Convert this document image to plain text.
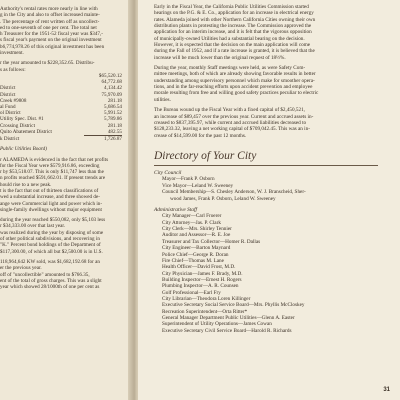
Authority's rental rates more nearly in line with
g in the City and also to offset increased mainte-
. The percentage of rent written off as uncollect-
ed to one-seventh of one per cent. The total net
h Treasurer for the 1951-52 fiscal year was $347,-
s fiscal year's payment on the original investment
b6,774,978.26 of this original investment has been
investment.
r the year amounted to $228,352.65. Distribu-
s as follows:
	$65,520.12
	64,772.68
District	4,134.42
District	75,970.09
Creek #9808	281.18
al Fund	5,686.54
ol District	5,991.52
Utility Spec. Dist. #1	5,789.86
Crossing District	281.18
Quito Abatement District	482.55
k District	1,726.87
Public Utilities Board)
r ALAMEDA is evidenced in the fact that net profits
for the Fiscal Year were $579,916.86, exceeding
r by $53,518.07. This is only $11,747 less than the
n profits reached $591,662.01. If present trends are
hould rise to a new peak.
t is the fact that out of thirteen classifications of
wed a substantial increase, and three showed de-
ange were Commercial light and power which in-
single-family dwellings without major equipment
during the year reached $550,082, only $5,103 less
r $34,333.00 over that last year.
was realized during the year by disposing of some
of other political subdivisions, and recovering in
"K." Percent bond holdings of the Department of
$117,300.00, of which all but $2,500.00 is in U.S.
118,964,642 KW sold, was $1,682,192.68 for an
er the previous year.
off of "uncollectible" amounted to $766.35,
ent of the total of gross charges. This was a slight
year which showed 28/1000th of one per cent as
Early in the Fiscal Year, the California Public Utilities Commission started
hearings on the P.G. & E. Co., application for an increase in electrical energy
rates. Alameda joined with other Northern California Cities owning their own
distribution plants in protesting the increase. The Commission approved the
application for an interim increase, and it is felt that the vigorous opposition
of municipally-owned Utilities had a substantial bearing on the decision.
However, it is expected that the decision on the main application will come
during the Fall of 1952, and if a rate increase is granted, it is believed that the
increase will be much lower than the original request of 18½%.
During the year, monthly Staff meetings were held, as were Safety Com-
mittee meetings, both of which are already showing favorable results in better
understanding among supervisory personnel which make for smoother opera-
tions, and in the far-reaching efforts upon accident prevention and employee
morale resulting from free and willing good safety practices peculiar to electric
utilities.
The Bureau wound up the Fiscal Year with a fixed capital of $2,450,521,
an increase of $89,457 over the previous year. Current and accrued assets in-
creased to $837,395.97, while current and accrued liabilities decreased to
$128,233.32, leaving a net working capital of $709,042.45. This was an in-
crease of $14,599.00 for the past 12 months.
Directory of Your City
City Council
Mayor—Frank P. Osborn
Vice Mayor—Leland W. Sweeney
Council Membership—S. Chesley Anderson, W. J. Branscheid, Sher-
wood James, Frank P. Osborn, Leland W. Sweeney
Administrative Staff
City Manager—Carl Froerer
City Attorney—Jas. P. Clark
City Clerk—Mrs. Shirley Tennier
Auditor and Assessor—R. E. Joe
Treasurer and Tax Collector—Homer R. Dallas
City Engineer—Barton Maynard
Police Chief—George R. Doran
Fire Chief—Thomas M. Lane
Health Officer—David Frost, M.D.
City Physician—James F. Brady, M.D.
Building Inspector—Ernest H. Rogers
Plumbing Inspector—A. R. Counsen
Golf Professional—Earl Fry
City Librarian—Theodora Loren Killinger
Executive Secretary Social Service Board—Mrs. Phyllis McCloskey
Recreation Superintendent—Orta Ritter*
General Manager Department Public Utilities—Glenn A. Easter
Superintendent of Utility Operations—James Cowan
Executive Secretary Civil Service Board—Harold R. Richards
31
